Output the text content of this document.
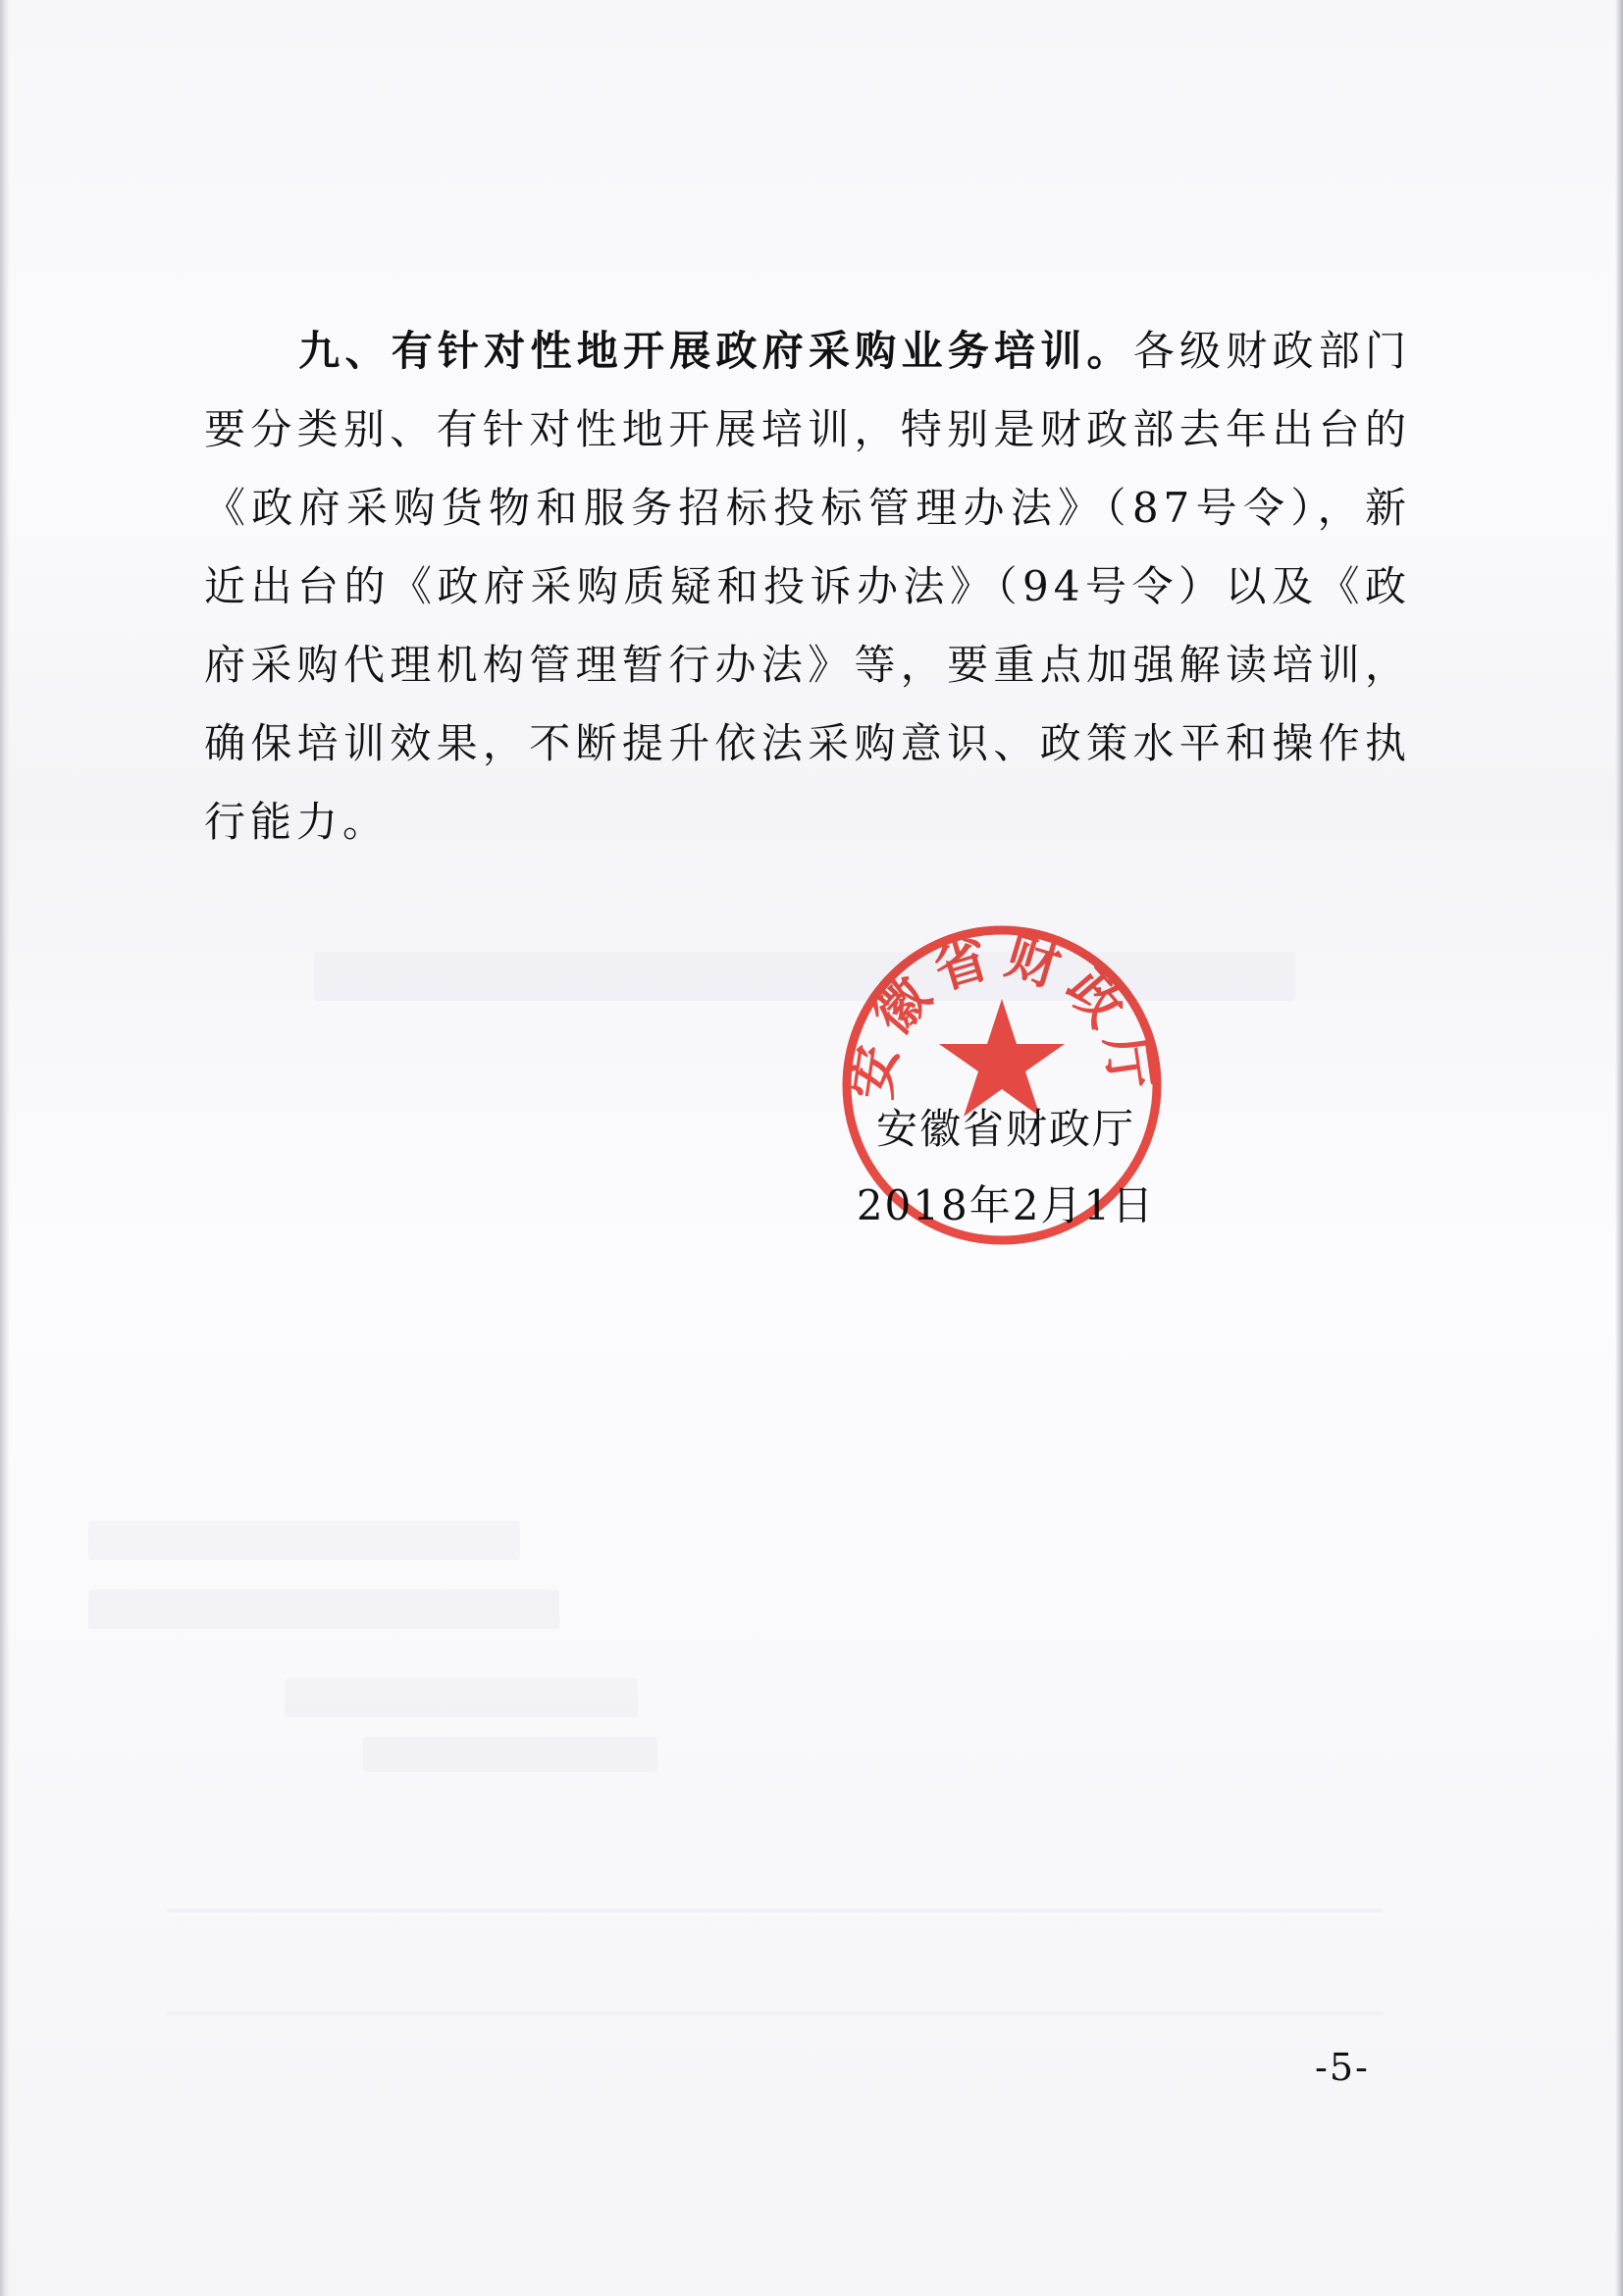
九、有针对性地开展政府采购业务培训。各级财政部门要分类别、有针对性地开展培训，特别是财政部去年出台的《政府采购货物和服务招标投标管理办法》（87号令），新近出台的《政府采购质疑和投诉办法》（94号令）以及《政府采购代理机构管理暂行办法》等，要重点加强解读培训，确保培训效果，不断提升依法采购意识、政策水平和操作执行能力。

安徽省财政厅
2018年2月1日
安徽省财政厅
-5-
